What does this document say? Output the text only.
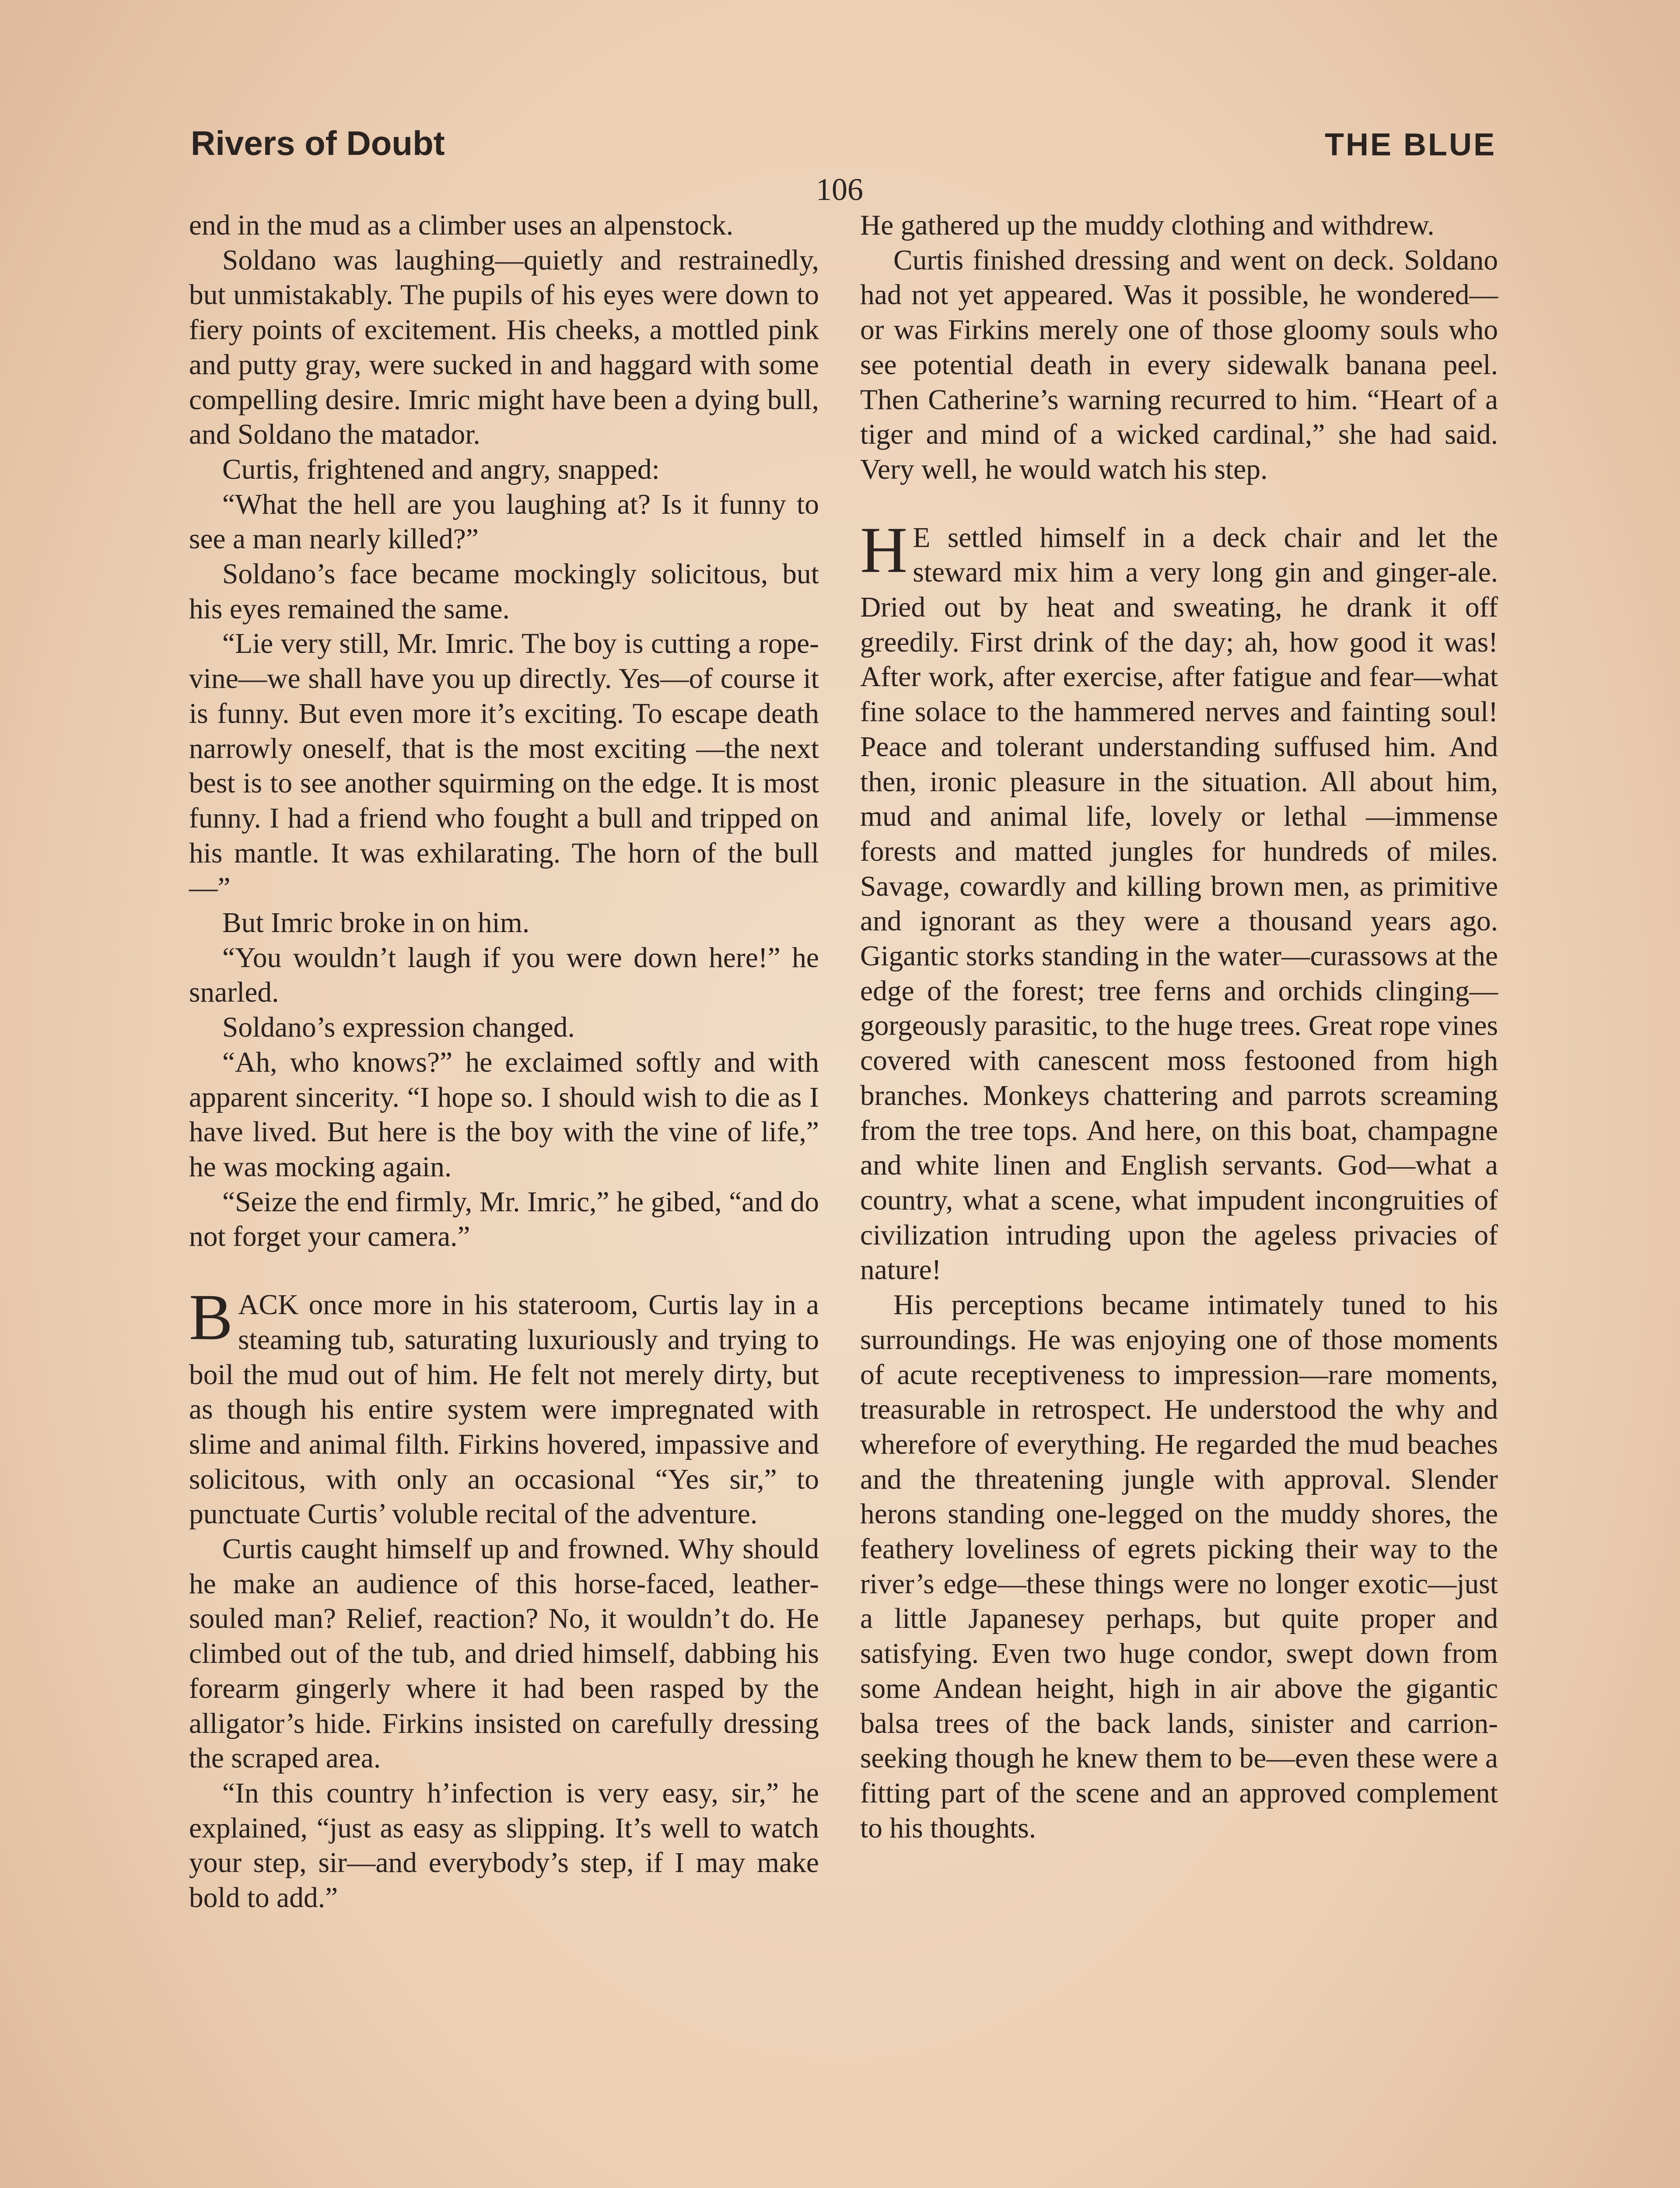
Rivers of Doubt	THE BLUE
106

end in the mud as a climber uses an alpenstock.

Soldano was laughing—quietly and restrainedly, but unmistakably. The pupils of his eyes were down to fiery points of excitement. His cheeks, a mottled pink and putty gray, were sucked in and haggard with some compelling desire. Imric might have been a dying bull, and Soldano the matador.

Curtis, frightened and angry, snapped:

“What the hell are you laughing at? Is it funny to see a man nearly killed?”

Soldano’s face became mockingly solicitous, but his eyes remained the same.

“Lie very still, Mr. Imric. The boy is cutting a rope-vine—we shall have you up directly. Yes—of course it is funny. But even more it’s exciting. To escape death narrowly oneself, that is the most exciting —the next best is to see another squirming on the edge. It is most funny. I had a friend who fought a bull and tripped on his mantle. It was exhilarating. The horn of the bull—”

But Imric broke in on him.

“You wouldn’t laugh if you were down here!” he snarled.

Soldano’s expression changed.

“Ah, who knows?” he exclaimed softly and with apparent sincerity. “I hope so. I should wish to die as I have lived. But here is the boy with the vine of life,” he was mocking again.

“Seize the end firmly, Mr. Imric,” he gibed, “and do not forget your camera.”

BACK once more in his stateroom, Curtis lay in a steaming tub, saturating luxuriously and trying to boil the mud out of him. He felt not merely dirty, but as though his entire system were impregnated with slime and animal filth. Firkins hovered, impassive and solicitous, with only an occasional “Yes sir,” to punctuate Curtis’ voluble recital of the adventure.

Curtis caught himself up and frowned. Why should he make an audience of this horse-faced, leather-souled man? Relief, reaction? No, it wouldn’t do. He climbed out of the tub, and dried himself, dabbing his forearm gingerly where it had been rasped by the alligator’s hide. Firkins insisted on carefully dressing the scraped area.

“In this country h’infection is very easy, sir,” he explained, “just as easy as slipping. It’s well to watch your step, sir—and everybody’s step, if I may make bold to add.”

He gathered up the muddy clothing and withdrew.

Curtis finished dressing and went on deck. Soldano had not yet appeared. Was it possible, he wondered—or was Firkins merely one of those gloomy souls who see potential death in every sidewalk banana peel. Then Catherine’s warning recurred to him. “Heart of a tiger and mind of a wicked cardinal,” she had said. Very well, he would watch his step.

H E settled himself in a deck chair and let the steward mix him a very long gin and ginger-ale. Dried out by heat and sweating, he drank it off greedily. First drink of the day; ah, how good it was! After work, after exercise, after fatigue and fear—what fine solace to the hammered nerves and fainting soul! Peace and tolerant understanding suffused him. And then, ironic pleasure in the situation. All about him, mud and animal life, lovely or lethal —immense forests and matted jungles for hundreds of miles. Savage, cowardly and killing brown men, as primitive and ignorant as they were a thousand years ago. Gigantic storks standing in the water—curassows at the edge of the forest; tree ferns and orchids clinging—gorgeously parasitic, to the huge trees. Great rope vines covered with canescent moss festooned from high branches. Monkeys chattering and parrots screaming from the tree tops. And here, on this boat, champagne and white linen and English servants. God—what a country, what a scene, what impudent incongruities of civilization intruding upon the ageless privacies of nature!

His perceptions became intimately tuned to his surroundings. He was enjoying one of those moments of acute receptiveness to impression—rare moments, treasurable in retrospect. He understood the why and wherefore of everything. He regarded the mud beaches and the threatening jungle with approval. Slender herons standing one-legged on the muddy shores, the feathery loveliness of egrets picking their way to the river’s edge—these things were no longer exotic—just a little Japanesey perhaps, but quite proper and satisfying. Even two huge condor, swept down from some Andean height, high in air above the gigantic balsa trees of the back lands, sinister and carrion-seeking though he knew them to be—even these were a fitting part of the scene and an approved complement to his thoughts.
